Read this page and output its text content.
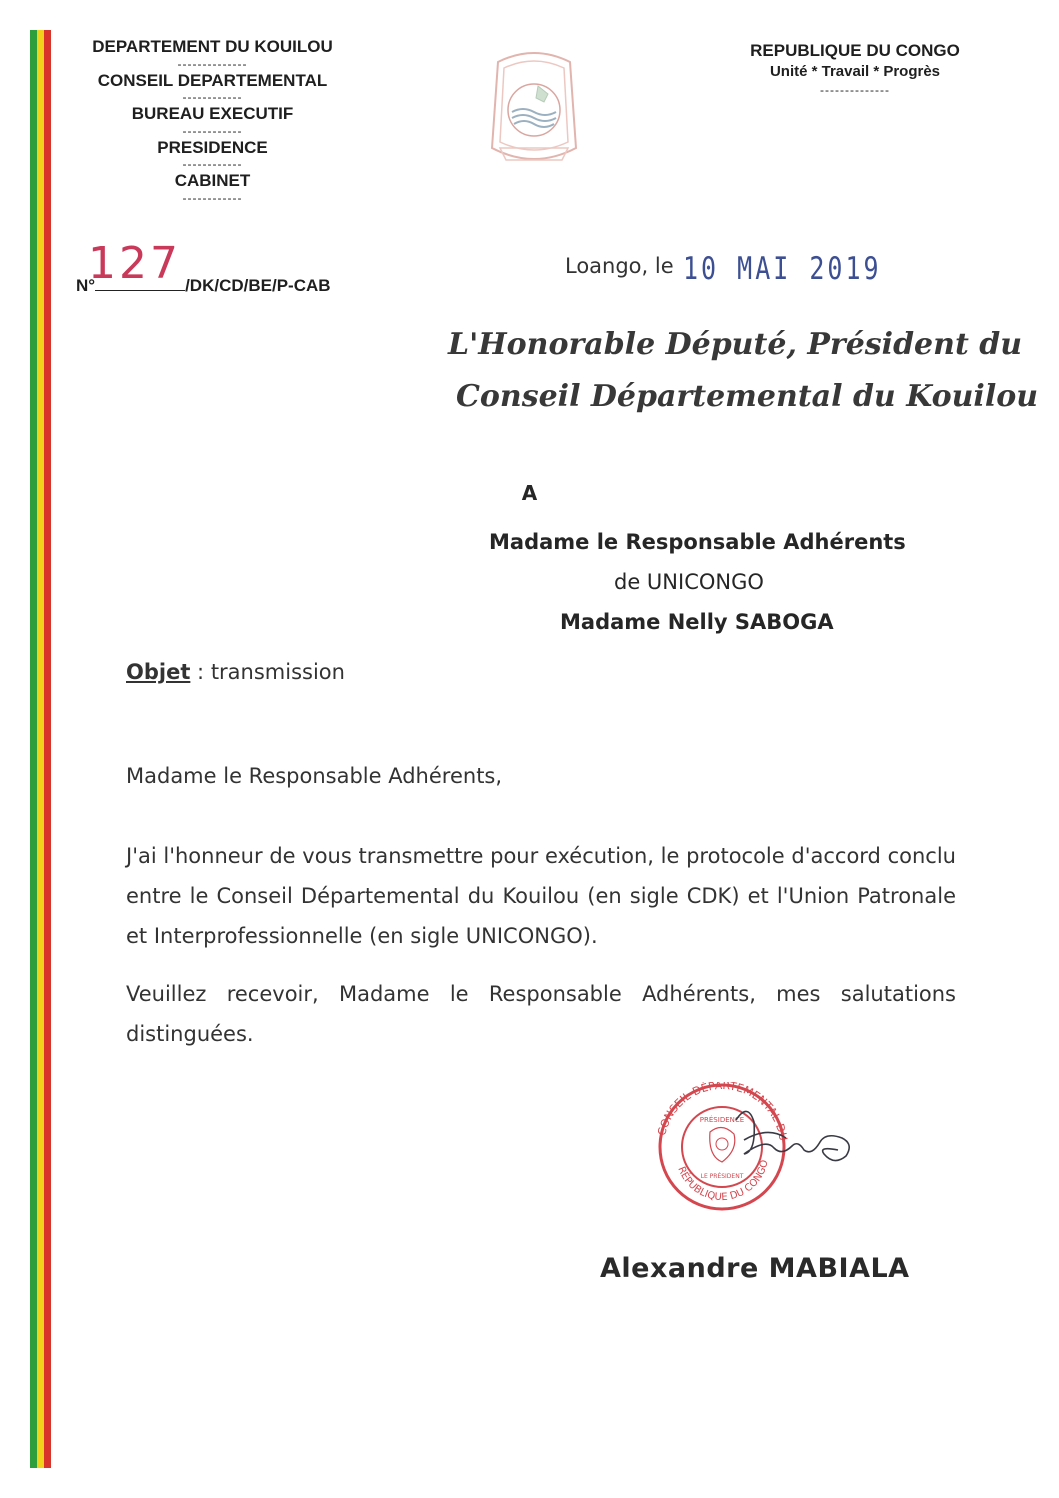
DEPARTEMENT DU KOUILOU
--------------
CONSEIL DEPARTEMENTAL
------------
BUREAU EXECUTIF
------------
PRESIDENCE
------------
CABINET
------------
127
N°	/DK/CD/BE/P-CAB
REPUBLIQUE DU CONGO
Unité * Travail * Progrès
--------------
Loango, le 10 MAI 2019
L'Honorable Député, Président du
Conseil Départemental du Kouilou
A
Madame le Responsable Adhérents
de UNICONGO
Madame Nelly SABOGA
Objet : transmission
Madame le Responsable Adhérents,
J'ai l'honneur de vous transmettre pour exécution, le protocole d'accord conclu entre le Conseil Départemental du Kouilou (en sigle CDK) et l'Union Patronale et Interprofessionnelle (en sigle UNICONGO).
Veuillez recevoir, Madame le Responsable Adhérents, mes salutations distinguées.
CONSEIL DÉPARTEMENTAL DU
RÉPUBLIQUE DU CONGO
PRÉSIDENCE
LE PRÉSIDENT
Alexandre MABIALA
